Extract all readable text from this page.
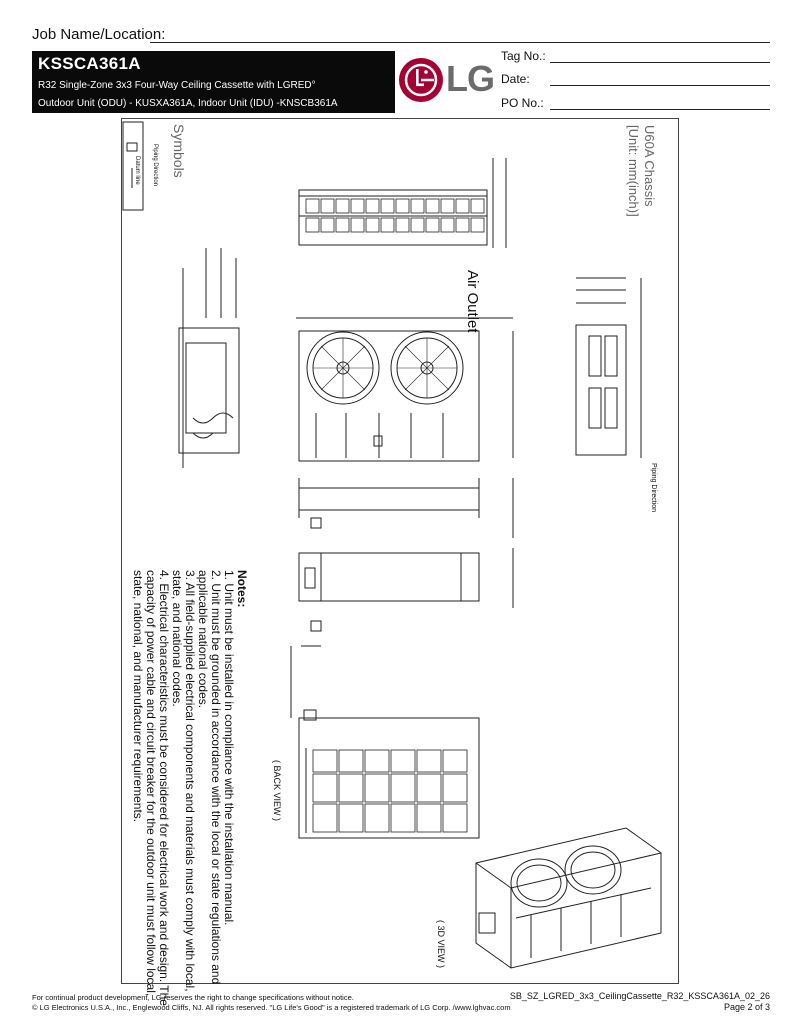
Job Name/Location:
KSSCA361A
R32 Single-Zone 3x3 Four-Way Ceiling Cassette with LGRED°
Outdoor Unit (ODU) - KUSXA361A, Indoor Unit (IDU) -KNSCB361A
LG
Tag No.:
Date:
PO No.:
U60A Chassis
[Unit: mm(inch)]
Symbols
Piping Direction
Datum line
Air Outlet
( BACK VIEW )
( 3D VIEW )
Piping Direction
Notes:
1. Unit must be installed in compliance with the installation manual.
2. Unit must be grounded in accordance with the local or state regulations and
applicable national codes.
3. All field-supplied electrical components and materials must comply with local,
state, and national codes.
4. Electrical characteristics must be considered for electrical work and design. The
capacity of power cable and circuit breaker for the outdoor unit must follow local,
state, national, and manufacturer requirements.
For continual product development, LG reserves the right to change specifications without notice.
© LG Electronics U.S.A., Inc., Englewood Cliffs, NJ. All rights reserved. "LG Life's Good" is a registered trademark of LG Corp. /www.lghvac.com
SB_SZ_LGRED_3x3_CeilingCassette_R32_KSSCA361A_02_26
Page 2 of 3
